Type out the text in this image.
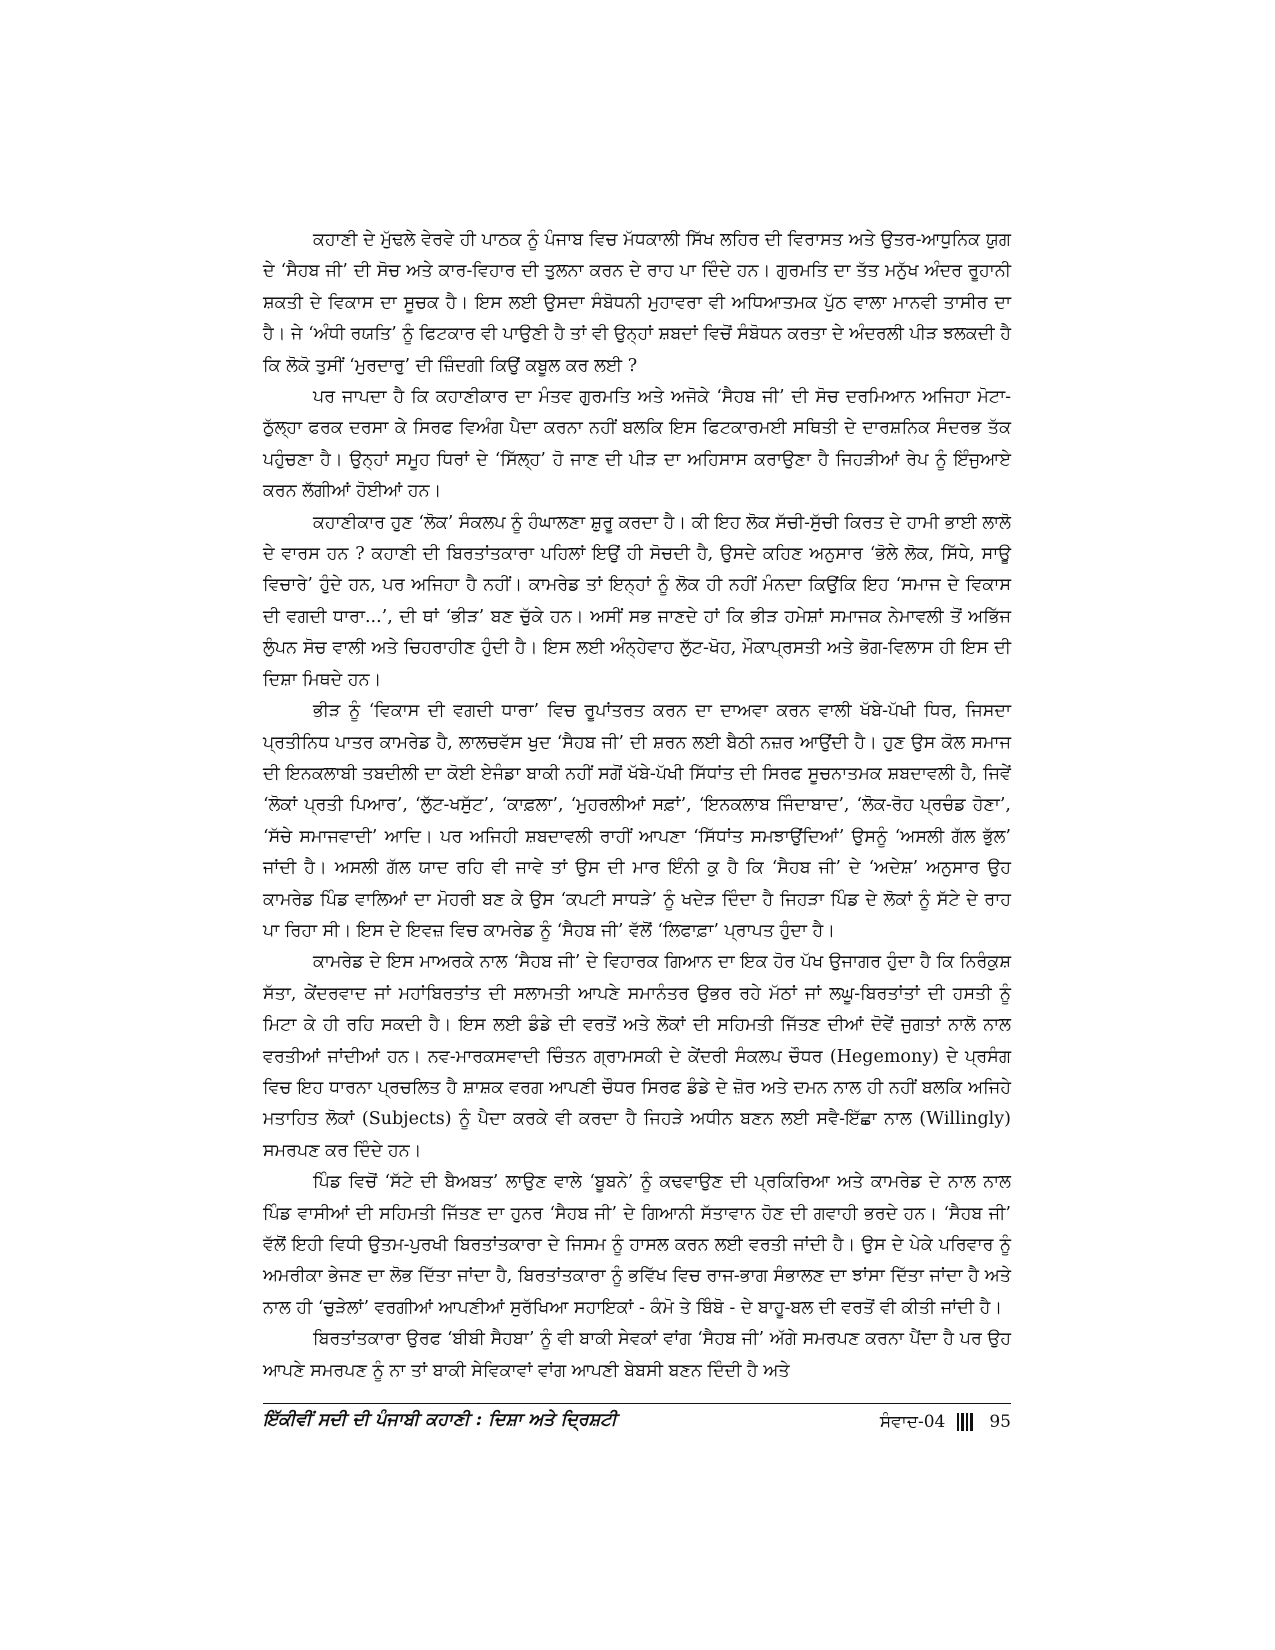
ਕਹਾਣੀ ਦੇ ਮੁੱਢਲੇ ਵੇਰਵੇ ਹੀ ਪਾਠਕ ਨੂੰ ਪੰਜਾਬ ਵਿਚ ਮੱਧਕਾਲੀ ਸਿੱਖ ਲਹਿਰ ਦੀ ਵਿਰਾਸਤ ਅਤੇ ਉਤਰ-ਆਧੁਨਿਕ ਯੁਗ ਦੇ ‘ਸੈਹਬ ਜੀ’ ਦੀ ਸੋਚ ਅਤੇ ਕਾਰ-ਵਿਹਾਰ ਦੀ ਤੁਲਨਾ ਕਰਨ ਦੇ ਰਾਹ ਪਾ ਦਿੰਦੇ ਹਨ। ਗੁਰਮਤਿ ਦਾ ਤੱਤ ਮਨੁੱਖ ਅੰਦਰ ਰੂਹਾਨੀ ਸ਼ਕਤੀ ਦੇ ਵਿਕਾਸ ਦਾ ਸੂਚਕ ਹੈ। ਇਸ ਲਈ ਉਸਦਾ ਸੰਬੋਧਨੀ ਮੁਹਾਵਰਾ ਵੀ ਅਧਿਆਤਮਕ ਪੁੱਠ ਵਾਲਾ ਮਾਨਵੀ ਤਾਸੀਰ ਦਾ ਹੈ। ਜੇ ‘ਅੰਧੀ ਰਯਤਿ’ ਨੂੰ ਫਿਟਕਾਰ ਵੀ ਪਾਉਣੀ ਹੈ ਤਾਂ ਵੀ ਉਨ੍ਹਾਂ ਸ਼ਬਦਾਂ ਵਿਚੋਂ ਸੰਬੋਧਨ ਕਰਤਾ ਦੇ ਅੰਦਰਲੀ ਪੀੜ ਝਲਕਦੀ ਹੈ ਕਿ ਲੋਕੋ ਤੁਸੀਂ ‘ਮੁਰਦਾਰੁ’ ਦੀ ਜ਼ਿੰਦਗੀ ਕਿਉਂ ਕਬੂਲ ਕਰ ਲਈ ?

ਪਰ ਜਾਪਦਾ ਹੈ ਕਿ ਕਹਾਣੀਕਾਰ ਦਾ ਮੰਤਵ ਗੁਰਮਤਿ ਅਤੇ ਅਜੋਕੇ ‘ਸੈਹਬ ਜੀ’ ਦੀ ਸੋਚ ਦਰਮਿਆਨ ਅਜਿਹਾ ਮੋਟਾ-ਠੁੱਲ੍ਹਾ ਫਰਕ ਦਰਸਾ ਕੇ ਸਿਰਫ ਵਿਅੰਗ ਪੈਦਾ ਕਰਨਾ ਨਹੀਂ ਬਲਕਿ ਇਸ ਫਿਟਕਾਰਮਈ ਸਥਿਤੀ ਦੇ ਦਾਰਸ਼ਨਿਕ ਸੰਦਰਭ ਤੱਕ ਪਹੁੰਚਣਾ ਹੈ। ਉਨ੍ਹਾਂ ਸਮੂਹ ਧਿਰਾਂ ਦੇ ‘ਸਿੱਲ੍ਹ’ ਹੋ ਜਾਣ ਦੀ ਪੀੜ ਦਾ ਅਹਿਸਾਸ ਕਰਾਉਣਾ ਹੈ ਜਿਹੜੀਆਂ ਰੇਪ ਨੂੰ ਇੰਜੁਆਏ ਕਰਨ ਲੱਗੀਆਂ ਹੋਈਆਂ ਹਨ।

ਕਹਾਣੀਕਾਰ ਹੁਣ ‘ਲੋਕ’ ਸੰਕਲਪ ਨੂੰ ਹੰਘਾਲਣਾ ਸ਼ੁਰੂ ਕਰਦਾ ਹੈ। ਕੀ ਇਹ ਲੋਕ ਸੱਚੀ-ਸੁੱਚੀ ਕਿਰਤ ਦੇ ਹਾਮੀ ਭਾਈ ਲਾਲੋ ਦੇ ਵਾਰਸ ਹਨ ? ਕਹਾਣੀ ਦੀ ਬਿਰਤਾਂਤਕਾਰਾ ਪਹਿਲਾਂ ਇਉਂ ਹੀ ਸੋਚਦੀ ਹੈ, ਉਸਦੇ ਕਹਿਣ ਅਨੁਸਾਰ ‘ਭੋਲੇ ਲੋਕ, ਸਿੱਧੇ, ਸਾਊ ਵਿਚਾਰੇ’ ਹੁੰਦੇ ਹਨ, ਪਰ ਅਜਿਹਾ ਹੈ ਨਹੀਂ। ਕਾਮਰੇਡ ਤਾਂ ਇਨ੍ਹਾਂ ਨੂੰ ਲੋਕ ਹੀ ਨਹੀਂ ਮੰਨਦਾ ਕਿਉਂਕਿ ਇਹ ‘ਸਮਾਜ ਦੇ ਵਿਕਾਸ ਦੀ ਵਗਦੀ ਧਾਰਾ...’, ਦੀ ਥਾਂ ‘ਭੀੜ’ ਬਣ ਚੁੱਕੇ ਹਨ। ਅਸੀਂ ਸਭ ਜਾਣਦੇ ਹਾਂ ਕਿ ਭੀੜ ਹਮੇਸ਼ਾਂ ਸਮਾਜਕ ਨੇਮਾਵਲੀ ਤੋਂ ਅਭਿੱਜ ਲੁੰਪਨ ਸੋਚ ਵਾਲੀ ਅਤੇ ਚਿਹਰਾਹੀਣ ਹੁੰਦੀ ਹੈ। ਇਸ ਲਈ ਅੰਨ੍ਹੇਵਾਹ ਲੁੱਟ-ਖੋਹ, ਮੌਕਾਪ੍ਰਸਤੀ ਅਤੇ ਭੋਗ-ਵਿਲਾਸ ਹੀ ਇਸ ਦੀ ਦਿਸ਼ਾ ਮਿਥਦੇ ਹਨ।

ਭੀੜ ਨੂੰ ‘ਵਿਕਾਸ ਦੀ ਵਗਦੀ ਧਾਰਾ’ ਵਿਚ ਰੂਪਾਂਤਰਤ ਕਰਨ ਦਾ ਦਾਅਵਾ ਕਰਨ ਵਾਲੀ ਖੱਬੇ-ਪੱਖੀ ਧਿਰ, ਜਿਸਦਾ ਪ੍ਰਤੀਨਿਧ ਪਾਤਰ ਕਾਮਰੇਡ ਹੈ, ਲਾਲਚਵੱਸ ਖੁਦ ‘ਸੈਹਬ ਜੀ’ ਦੀ ਸ਼ਰਨ ਲਈ ਬੈਠੀ ਨਜ਼ਰ ਆਉਂਦੀ ਹੈ। ਹੁਣ ਉਸ ਕੋਲ ਸਮਾਜ ਦੀ ਇਨਕਲਾਬੀ ਤਬਦੀਲੀ ਦਾ ਕੋਈ ਏਜੰਡਾ ਬਾਕੀ ਨਹੀਂ ਸਗੋਂ ਖੱਬੇ-ਪੱਖੀ ਸਿੱਧਾਂਤ ਦੀ ਸਿਰਫ ਸੂਚਨਾਤਮਕ ਸ਼ਬਦਾਵਲੀ ਹੈ, ਜਿਵੇਂ ‘ਲੋਕਾਂ ਪ੍ਰਤੀ ਪਿਆਰ’, ‘ਲੁੱਟ-ਖਸੁੱਟ’, ‘ਕਾਫ਼ਲਾ’, ‘ਮੁਹਰਲੀਆਂ ਸਫ਼ਾਂ’, ‘ਇਨਕਲਾਬ ਜਿੰਦਾਬਾਦ’, ‘ਲੋਕ-ਰੋਹ ਪ੍ਰਚੰਡ ਹੋਣਾ’, ‘ਸੱਚੇ ਸਮਾਜਵਾਦੀ’ ਆਦਿ। ਪਰ ਅਜਿਹੀ ਸ਼ਬਦਾਵਲੀ ਰਾਹੀਂ ਆਪਣਾ ‘ਸਿੱਧਾਂਤ ਸਮਝਾਉਂਦਿਆਂ’ ਉਸਨੂੰ ‘ਅਸਲੀ ਗੱਲ ਭੁੱਲ’ ਜਾਂਦੀ ਹੈ। ਅਸਲੀ ਗੱਲ ਯਾਦ ਰਹਿ ਵੀ ਜਾਵੇ ਤਾਂ ਉਸ ਦੀ ਮਾਰ ਇੰਨੀ ਕੁ ਹੈ ਕਿ ‘ਸੈਹਬ ਜੀ’ ਦੇ ‘ਅਦੇਸ਼’ ਅਨੁਸਾਰ ਉਹ ਕਾਮਰੇਡ ਪਿੰਡ ਵਾਲਿਆਂ ਦਾ ਮੋਹਰੀ ਬਣ ਕੇ ਉਸ ‘ਕਪਟੀ ਸਾਧੜੇ’ ਨੂੰ ਖਦੇੜ ਦਿੰਦਾ ਹੈ ਜਿਹੜਾ ਪਿੰਡ ਦੇ ਲੋਕਾਂ ਨੂੰ ਸੱਟੇ ਦੇ ਰਾਹ ਪਾ ਰਿਹਾ ਸੀ। ਇਸ ਦੇ ਇਵਜ਼ ਵਿਚ ਕਾਮਰੇਡ ਨੂੰ ‘ਸੈਹਬ ਜੀ’ ਵੱਲੋਂ ‘ਲਿਫਾਫ਼ਾ’ ਪ੍ਰਾਪਤ ਹੁੰਦਾ ਹੈ।

ਕਾਮਰੇਡ ਦੇ ਇਸ ਮਾਅਰਕੇ ਨਾਲ ‘ਸੈਹਬ ਜੀ’ ਦੇ ਵਿਹਾਰਕ ਗਿਆਨ ਦਾ ਇਕ ਹੋਰ ਪੱਖ ਉਜਾਗਰ ਹੁੰਦਾ ਹੈ ਕਿ ਨਿਰੰਕੁਸ਼ ਸੱਤਾ, ਕੇਂਦਰਵਾਦ ਜਾਂ ਮਹਾਂਬਿਰਤਾਂਤ ਦੀ ਸਲਾਮਤੀ ਆਪਣੇ ਸਮਾਨੰਤਰ ਉਭਰ ਰਹੇ ਮੱਠਾਂ ਜਾਂ ਲਘੂ-ਬਿਰਤਾਂਤਾਂ ਦੀ ਹਸਤੀ ਨੂੰ ਮਿਟਾ ਕੇ ਹੀ ਰਹਿ ਸਕਦੀ ਹੈ। ਇਸ ਲਈ ਡੰਡੇ ਦੀ ਵਰਤੋਂ ਅਤੇ ਲੋਕਾਂ ਦੀ ਸਹਿਮਤੀ ਜਿੱਤਣ ਦੀਆਂ ਦੋਵੇਂ ਜੁਗਤਾਂ ਨਾਲੋ ਨਾਲ ਵਰਤੀਆਂ ਜਾਂਦੀਆਂ ਹਨ। ਨਵ-ਮਾਰਕਸਵਾਦੀ ਚਿੰਤਨ ਗ੍ਰਾਮਸਕੀ ਦੇ ਕੇਂਦਰੀ ਸੰਕਲਪ ਚੌਧਰ (Hegemony) ਦੇ ਪ੍ਰਸੰਗ ਵਿਚ ਇਹ ਧਾਰਨਾ ਪ੍ਰਚਲਿਤ ਹੈ ਸ਼ਾਸ਼ਕ ਵਰਗ ਆਪਣੀ ਚੌਧਰ ਸਿਰਫ ਡੰਡੇ ਦੇ ਜ਼ੋਰ ਅਤੇ ਦਮਨ ਨਾਲ ਹੀ ਨਹੀਂ ਬਲਕਿ ਅਜਿਹੇ ਮਤਾਹਿਤ ਲੋਕਾਂ (Subjects) ਨੂੰ ਪੈਦਾ ਕਰਕੇ ਵੀ ਕਰਦਾ ਹੈ ਜਿਹੜੇ ਅਧੀਨ ਬਣਨ ਲਈ ਸਵੈ-ਇੱਛਾ ਨਾਲ (Willingly) ਸਮਰਪਣ ਕਰ ਦਿੰਦੇ ਹਨ।

ਪਿੰਡ ਵਿਚੋਂ ‘ਸੱਟੇ ਦੀ ਬੈਅਬਤ’ ਲਾਉਣ ਵਾਲੇ ‘ਬੂਬਨੇ’ ਨੂੰ ਕਢਵਾਉਣ ਦੀ ਪ੍ਰਕਿਰਿਆ ਅਤੇ ਕਾਮਰੇਡ ਦੇ ਨਾਲ ਨਾਲ ਪਿੰਡ ਵਾਸੀਆਂ ਦੀ ਸਹਿਮਤੀ ਜਿੱਤਣ ਦਾ ਹੁਨਰ ‘ਸੈਹਬ ਜੀ’ ਦੇ ਗਿਆਨੀ ਸੱਤਾਵਾਨ ਹੋਣ ਦੀ ਗਵਾਹੀ ਭਰਦੇ ਹਨ। ‘ਸੈਹਬ ਜੀ’ ਵੱਲੋਂ ਇਹੀ ਵਿਧੀ ਉਤਮ-ਪੁਰਖੀ ਬਿਰਤਾਂਤਕਾਰਾ ਦੇ ਜਿਸਮ ਨੂੰ ਹਾਸਲ ਕਰਨ ਲਈ ਵਰਤੀ ਜਾਂਦੀ ਹੈ। ਉਸ ਦੇ ਪੇਕੇ ਪਰਿਵਾਰ ਨੂੰ ਅਮਰੀਕਾ ਭੇਜਣ ਦਾ ਲੋਭ ਦਿੱਤਾ ਜਾਂਦਾ ਹੈ, ਬਿਰਤਾਂਤਕਾਰਾ ਨੂੰ ਭਵਿੱਖ ਵਿਚ ਰਾਜ-ਭਾਗ ਸੰਭਾਲਣ ਦਾ ਝਾਂਸਾ ਦਿੱਤਾ ਜਾਂਦਾ ਹੈ ਅਤੇ ਨਾਲ ਹੀ ‘ਚੁੜੇਲਾਂ’ ਵਰਗੀਆਂ ਆਪਣੀਆਂ ਸੁਰੱਖਿਆ ਸਹਾਇਕਾਂ - ਕੰਮੋ ਤੇ ਬਿੰਬੋ - ਦੇ ਬਾਹੂ-ਬਲ ਦੀ ਵਰਤੋਂ ਵੀ ਕੀਤੀ ਜਾਂਦੀ ਹੈ।

ਬਿਰਤਾਂਤਕਾਰਾ ਉਰਫ ‘ਬੀਬੀ ਸੈਹਬਾ’ ਨੂੰ ਵੀ ਬਾਕੀ ਸੇਵਕਾਂ ਵਾਂਗ ‘ਸੈਹਬ ਜੀ’ ਅੱਗੇ ਸਮਰਪਣ ਕਰਨਾ ਪੈਂਦਾ ਹੈ ਪਰ ਉਹ ਆਪਣੇ ਸਮਰਪਣ ਨੂੰ ਨਾ ਤਾਂ ਬਾਕੀ ਸੇਵਿਕਾਵਾਂ ਵਾਂਗ ਆਪਣੀ ਬੇਬਸੀ ਬਣਨ ਦਿੰਦੀ ਹੈ ਅਤੇ

ਇੱਕੀਵੀਂ ਸਦੀ ਦੀ ਪੰਜਾਬੀ ਕਹਾਣੀ : ਦਿਸ਼ਾ ਅਤੇ ਦ੍ਰਿਸ਼ਟੀ	ਸੰਵਾਦ-04	95
